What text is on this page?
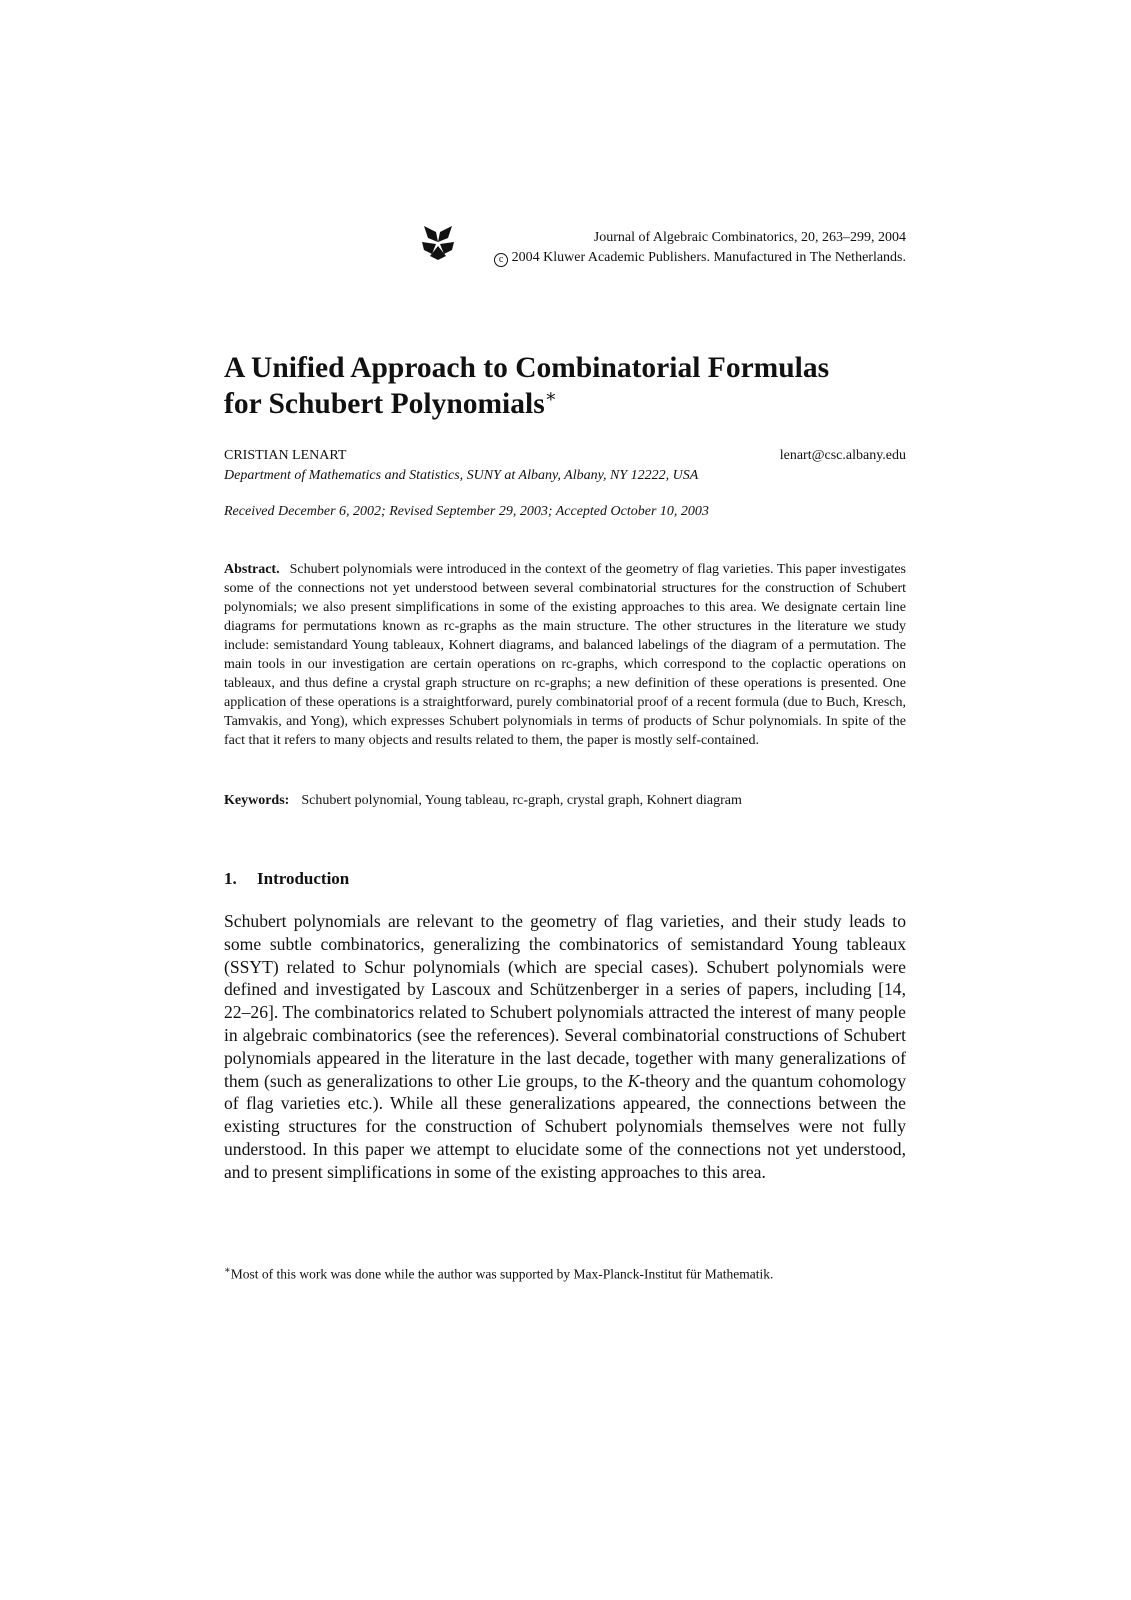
Journal of Algebraic Combinatorics, 20, 263–299, 2004
c 2004 Kluwer Academic Publishers. Manufactured in The Netherlands.
A Unified Approach to Combinatorial Formulas
for Schubert Polynomials∗
CRISTIAN LENART	lenart@csc.albany.edu
Department of Mathematics and Statistics, SUNY at Albany, Albany, NY 12222, USA
Received December 6, 2002; Revised September 29, 2003; Accepted October 10, 2003

Abstract. Schubert polynomials were introduced in the context of the geometry of flag varieties. This paper investigates some of the connections not yet understood between several combinatorial structures for the construction of Schubert polynomials; we also present simplifications in some of the existing approaches to this area. We designate certain line diagrams for permutations known as rc-graphs as the main structure. The other structures in the literature we study include: semistandard Young tableaux, Kohnert diagrams, and balanced labelings of the diagram of a permutation. The main tools in our investigation are certain operations on rc-graphs, which correspond to the coplactic operations on tableaux, and thus define a crystal graph structure on rc-graphs; a new definition of these operations is presented. One application of these operations is a straightforward, purely combinatorial proof of a recent formula (due to Buch, Kresch, Tamvakis, and Yong), which expresses Schubert polynomials in terms of products of Schur polynomials. In spite of the fact that it refers to many objects and results related to them, the paper is mostly self-contained.

Keywords: Schubert polynomial, Young tableau, rc-graph, crystal graph, Kohnert diagram
1. Introduction

Schubert polynomials are relevant to the geometry of flag varieties, and their study leads to some subtle combinatorics, generalizing the combinatorics of semistandard Young tableaux (SSYT) related to Schur polynomials (which are special cases). Schubert polynomials were defined and investigated by Lascoux and Schützenberger in a series of papers, including [14, 22–26]. The combinatorics related to Schubert polynomials attracted the interest of many people in algebraic combinatorics (see the references). Several combinatorial constructions of Schubert polynomials appeared in the literature in the last decade, together with many generalizations of them (such as generalizations to other Lie groups, to the K-theory and the quantum cohomology of flag varieties etc.). While all these generalizations appeared, the connections between the existing structures for the construction of Schubert polynomials themselves were not fully understood. In this paper we attempt to elucidate some of the connections not yet understood, and to present simplifications in some of the existing approaches to this area.

∗Most of this work was done while the author was supported by Max-Planck-Institut für Mathematik.
